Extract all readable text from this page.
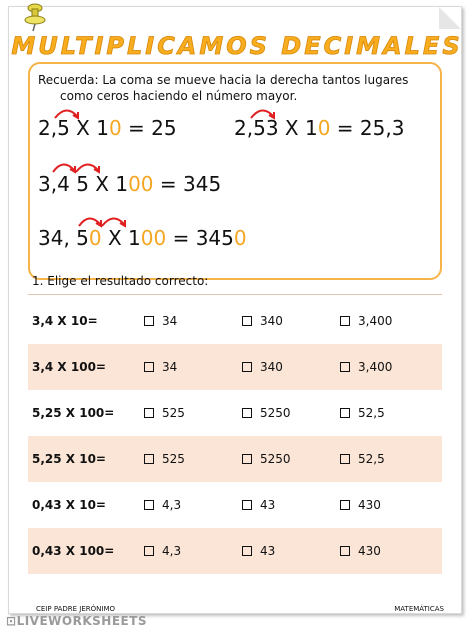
MULTIPLICAMOS DECIMALES
Recuerda: La coma se mueve hacia la derecha tantos lugares
como ceros haciendo el número mayor.
2,5 X 10 = 25	2,53 X 10 = 25,3
3,4 5 X 100 = 345
34, 50 X 100 = 3450
1. Elige el resultado correcto:
3,4 X 10=	34	340	3,400

3,4 X 100=	34	340	3,400

5,25 X 100=	525	5250	52,5

5,25 X 10=	525	5250	52,5

0,43 X 10=	4,3	43	430

0,43 X 100=	4,3	43	430
CEIP PADRE JERÓNIMO	MATEMÁTICAS
⊡LIVEWORKSHEETS
